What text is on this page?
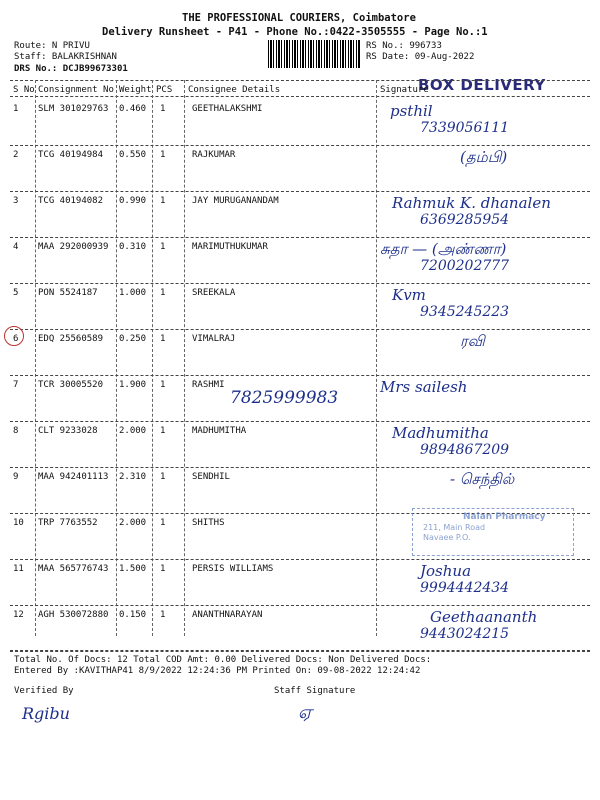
THE PROFESSIONAL COURIERS, Coimbatore
Delivery Runsheet - P41 - Phone No.:0422-3505555 - Page No.:1
Route: N PRIVU
Staff: BALAKRISHNAN
DRS No.: DCJB99673301
RS No.: 996733
RS Date: 09-Aug-2022
BOX DELIVERY
S No Consignment No Weight PCS Consignee Details	Signature
1 SLM 301029763 0.460 1	GEETHALAKSHMI	psthil
7339056111
2 TCG 40194984 0.550 1	RAJKUMAR	(தம்பி)
3 TCG 40194082 0.990 1	JAY MURUGANANDAM	Rahmuk K. dhanalen
6369285954
4 MAA 292000939 0.310 1	MARIMUTHUKUMAR	சுதா — (அண்ணா)
7200202777
5 PON 5524187 1.000 1	SREEKALA	Kvm
9345245223
6 EDQ 25560589 0.250 1	VIMALRAJ	ரவி
7 TCR 30005520 1.900 1	RASHMI	Mrs sailesh
7825999983
8 CLT 9233028 2.000 1	MADHUMITHA	Madhumitha
9894867209
9 MAA 942401113 2.310 1	SENDHIL	- செந்தில்
10 TRP 7763552 2.000 1	SHITHS
11 MAA 565776743 1.500 1	PERSIS WILLIAMS	Joshua
9994442434
12 AGH 530072880 0.150 1	ANANTHNARAYAN	Geethaananth
9443024215
Nalan Pharmacy
211, Main Road
Navaee P.O.
Total No. Of Docs: 12 Total COD Amt: 0.00 Delivered Docs: Non Delivered Docs:
Entered By :KAVITHAP41 8/9/2022 12:24:36 PM Printed On: 09-08-2022 12:24:42
Verified By	Staff Signature
Rgibu	ஏ
